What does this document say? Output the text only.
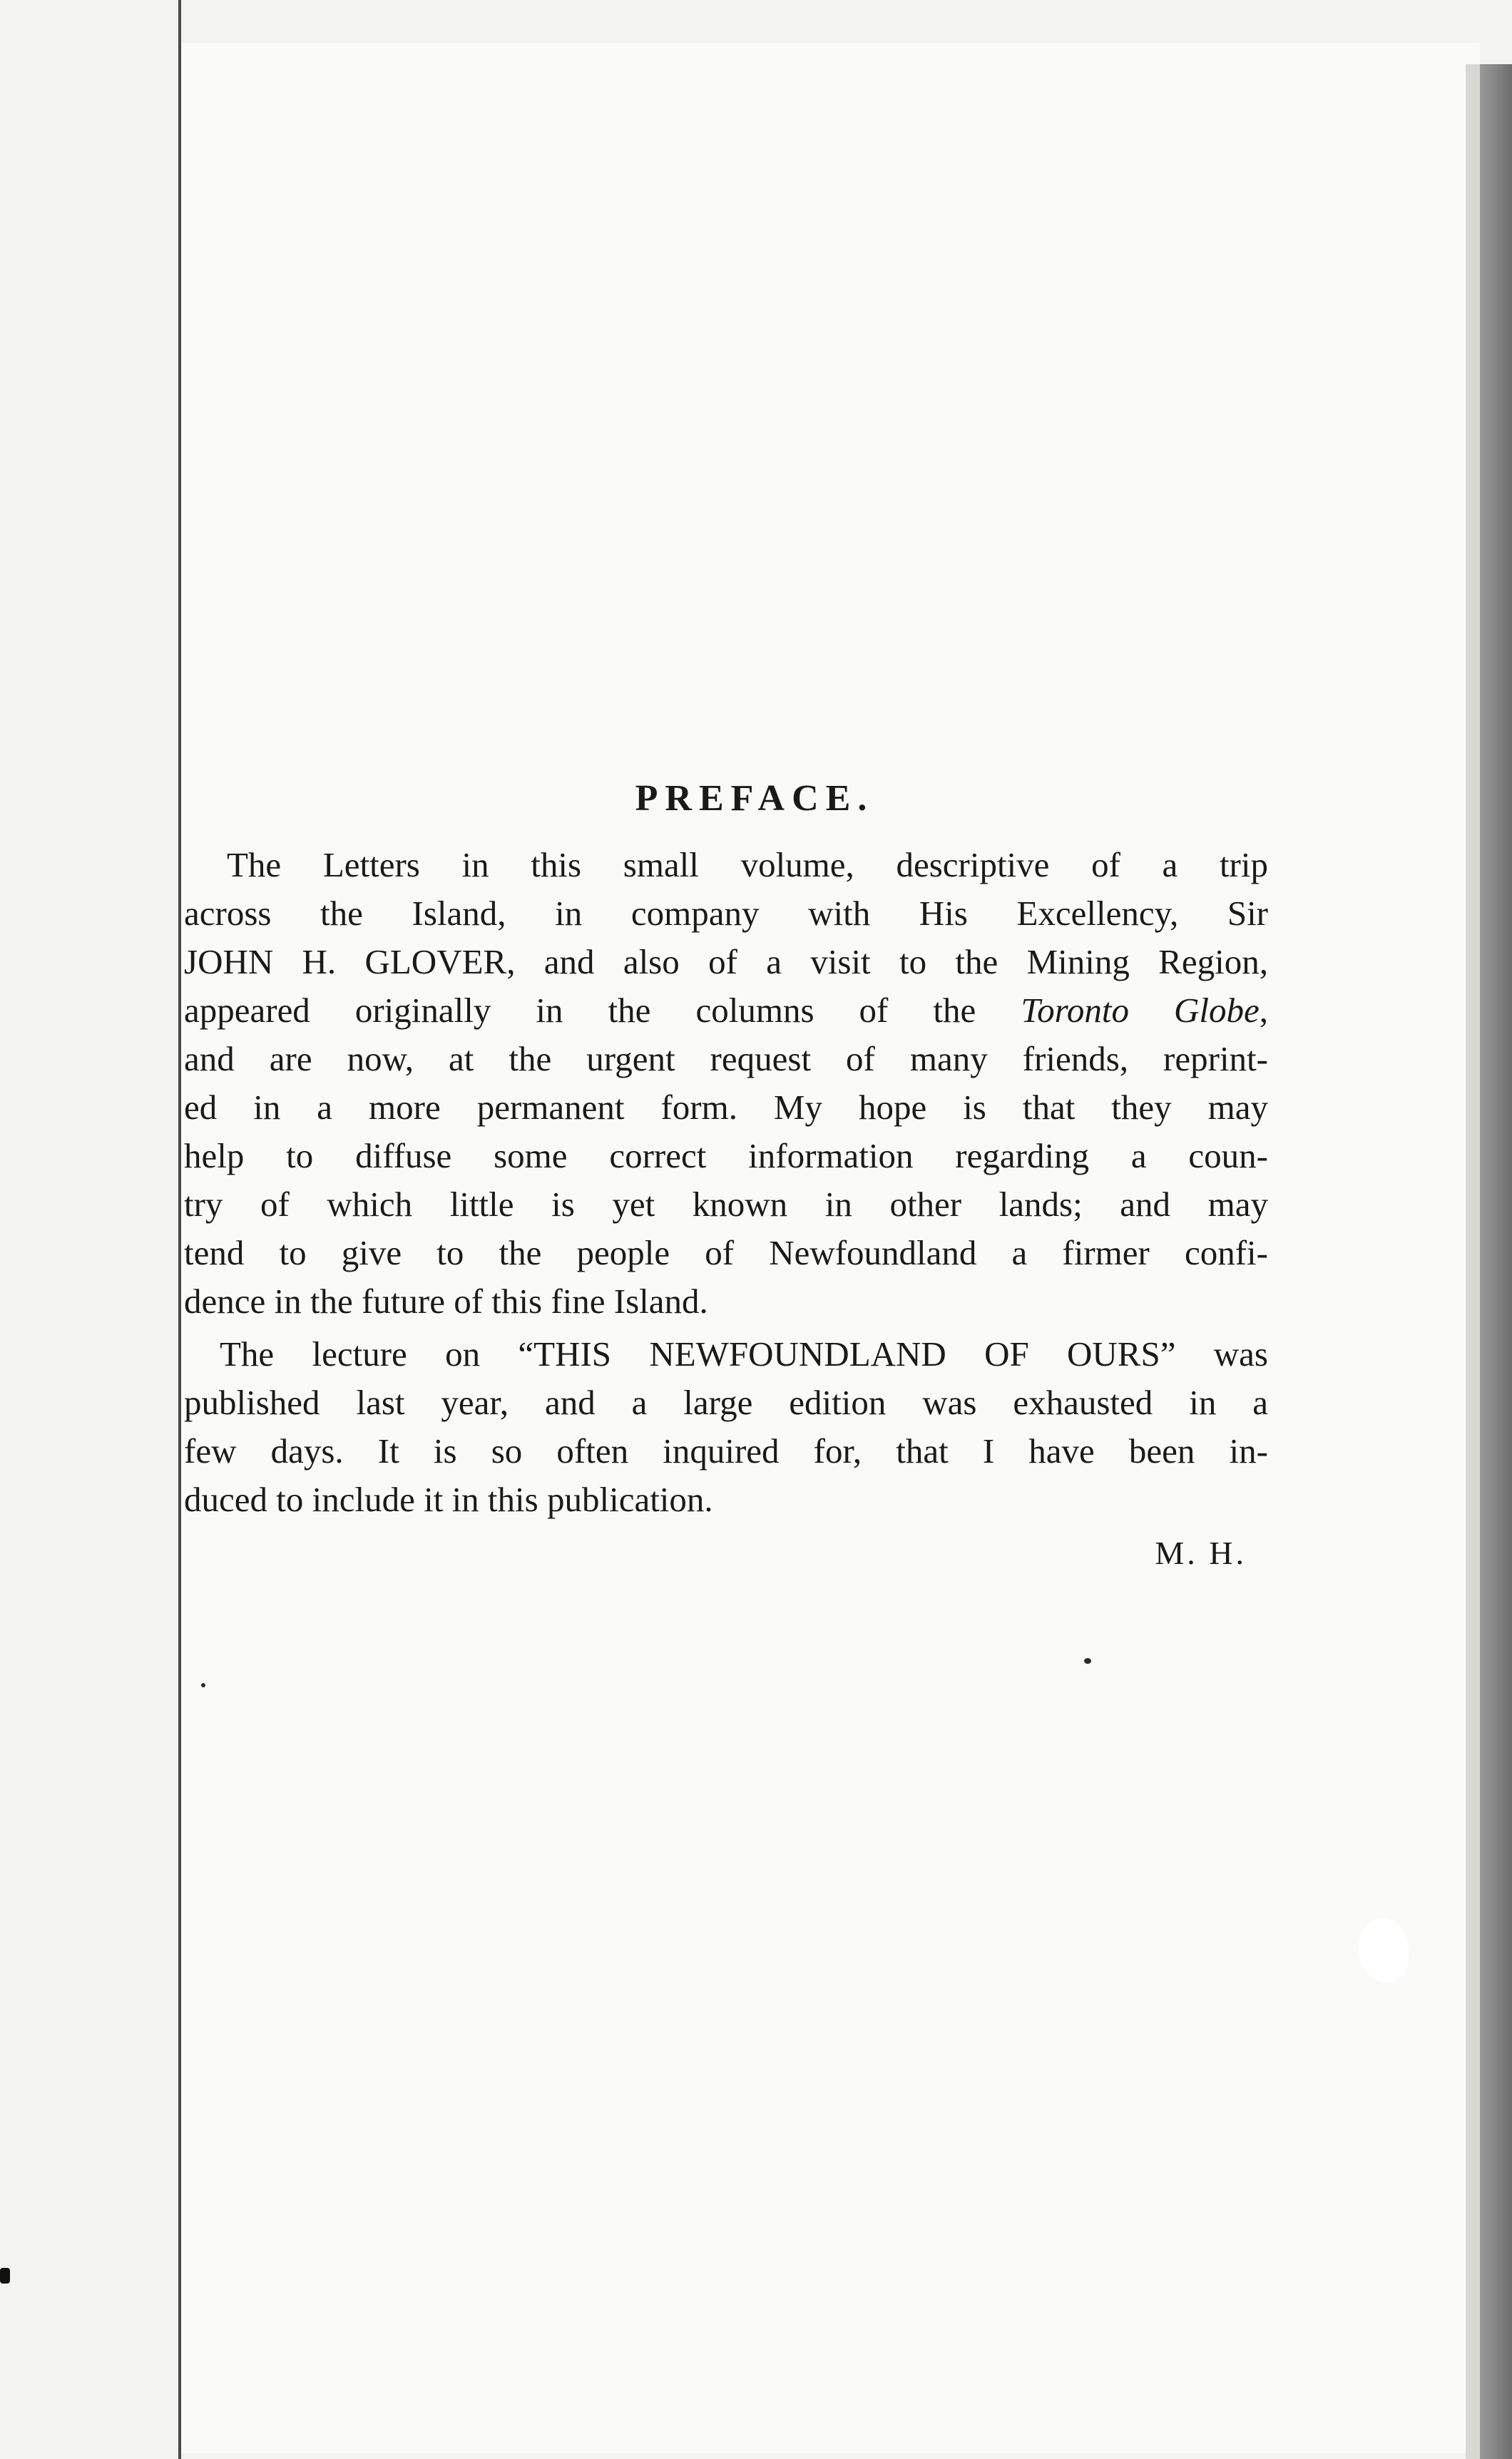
PREFACE.
The Letters in this small volume, descriptive of a trip
across the Island, in company with His Excellency, Sir
JOHN H. GLOVER, and also of a visit to the Mining Region,
appeared originally in the columns of the Toronto Globe,
and are now, at the urgent request of many friends, reprint-
ed in a more permanent form. My hope is that they may
help to diffuse some correct information regarding a coun-
try of which little is yet known in other lands; and may
tend to give to the people of Newfoundland a firmer confi-
dence in the future of this fine Island.
The lecture on “THIS NEWFOUNDLAND OF OURS” was
published last year, and a large edition was exhausted in a
few days. It is so often inquired for, that I have been in-
duced to include it in this publication.
M. H.
